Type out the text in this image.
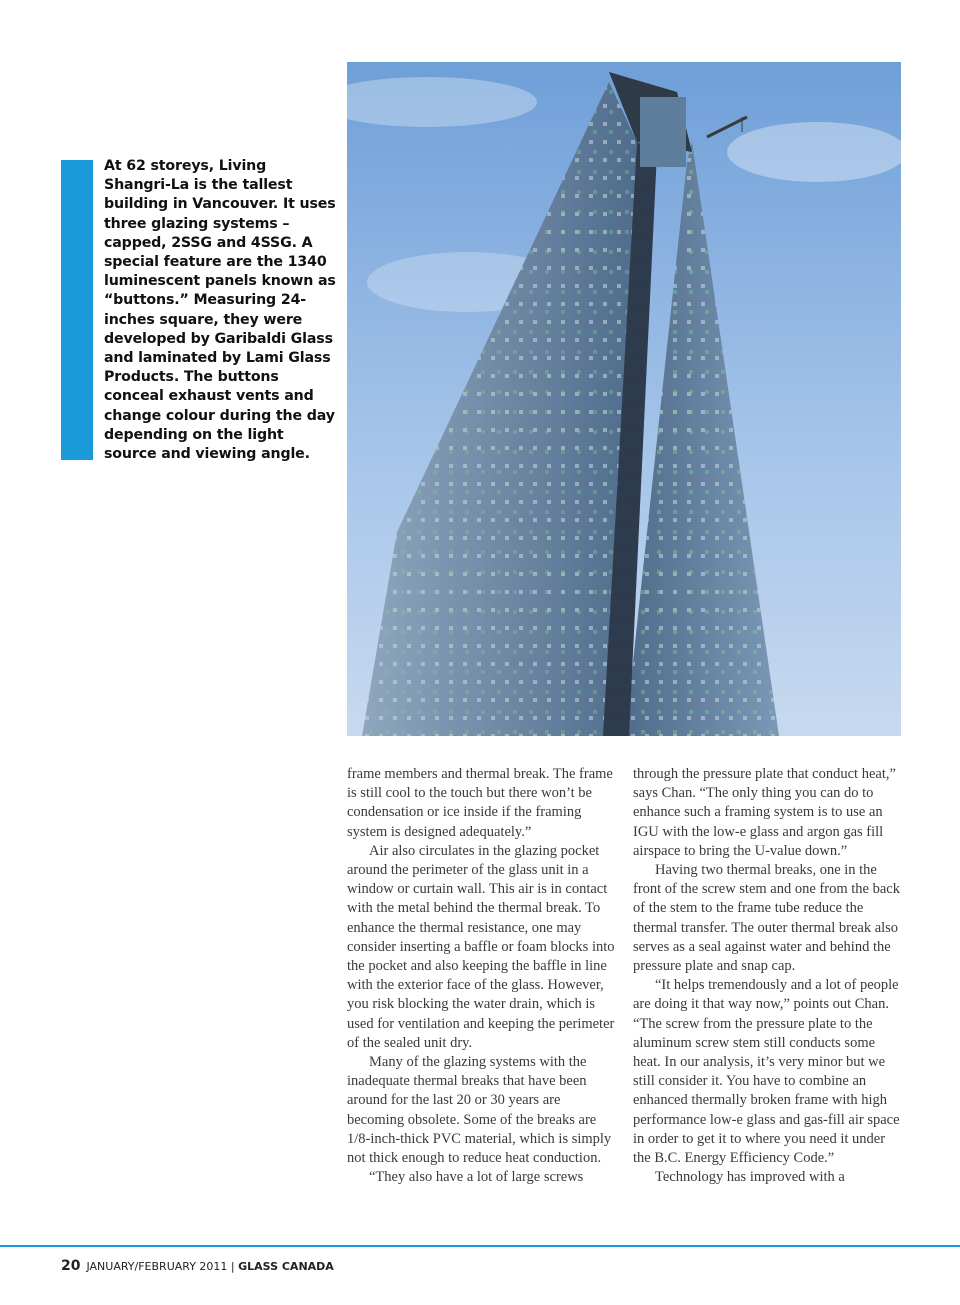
At 62 storeys, Living Shangri-La is the tallest building in Vancouver. It uses three glazing systems – capped, 2SSG and 4SSG. A special feature are the 1340 luminescent panels known as “buttons.” Measuring 24-inches square, they were developed by Garibaldi Glass and laminated by Lami Glass Products. The buttons conceal exhaust vents and change colour during the day depending on the light source and viewing angle.

frame members and thermal break. The frame is still cool to the touch but there won’t be condensation or ice inside if the framing system is designed adequately.”

Air also circulates in the glazing pocket around the perimeter of the glass unit in a window or curtain wall. This air is in contact with the metal behind the thermal break. To enhance the thermal resistance, one may consider inserting a baffle or foam blocks into the pocket and also keeping the baffle in line with the exterior face of the glass. However, you risk blocking the water drain, which is used for ventilation and keeping the perimeter of the sealed unit dry.

Many of the glazing systems with the inadequate thermal breaks that have been around for the last 20 or 30 years are becoming obsolete. Some of the breaks are 1/8-inch-thick PVC material, which is simply not thick enough to reduce heat conduction.

“They also have a lot of large screws

through the pressure plate that conduct heat,” says Chan. “The only thing you can do to enhance such a framing system is to use an IGU with the low-e glass and argon gas fill airspace to bring the U-value down.”

Having two thermal breaks, one in the front of the screw stem and one from the back of the stem to the frame tube reduce the thermal transfer. The outer thermal break also serves as a seal against water and behind the pressure plate and snap cap.

“It helps tremendously and a lot of people are doing it that way now,” points out Chan. “The screw from the pressure plate to the aluminum screw stem still conducts some heat. In our analysis, it’s very minor but we still consider it. You have to combine an enhanced thermally broken frame with high performance low-e glass and gas-fill air space in order to get it to where you need it under the B.C. Energy Efficiency Code.”

Technology has improved with a

20 JANUARY/FEBRUARY 2011 | GLASS CANADA
